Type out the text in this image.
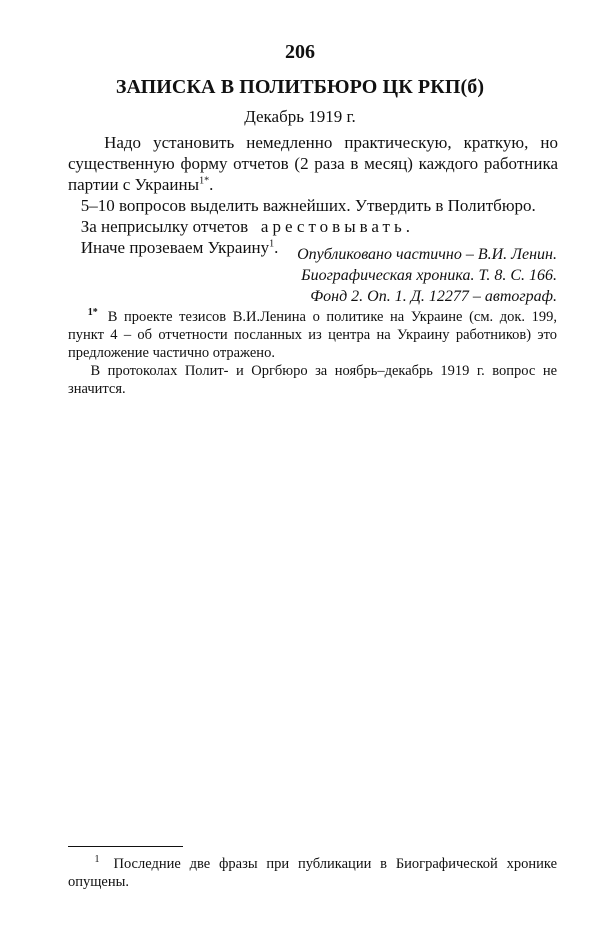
206
ЗАПИСКА В ПОЛИТБЮРО ЦК РКП(б)
Декабрь 1919 г.

Надо установить немедленно практическую, краткую, но существенную форму отчетов (2 раза в месяц) каждого работника партии с Украины$^{1*}$.

5–10 вопросов выделить важнейших. Утвердить в Политбюро.

За неприсылку отчетов арестовывать.

Иначе прозеваем Украину$^1$.	Опубликовано частично – В.И. Ленин.
Биографическая хроника. Т. 8. С. 166.
Фонд 2. Оп. 1. Д. 12277 – автограф.

1* В проекте тезисов В.И.Ленина о политике на Украине (см. док. 199, пункт 4 – об отчетности посланных из центра на Украину работников) это предложение частично отражено.

В протоколах Полит- и Оргбюро за ноябрь–декабрь 1919 г. вопрос не значится.

1 Последние две фразы при публикации в Биографической хронике опущены.
